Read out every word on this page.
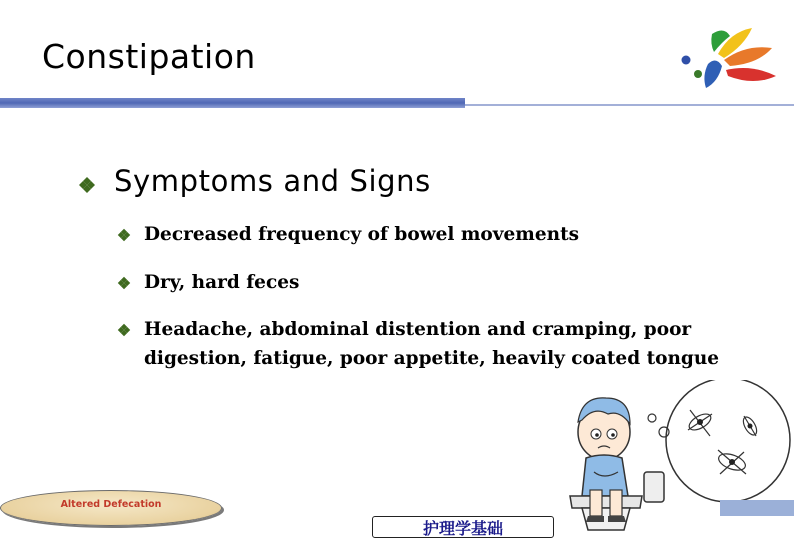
Constipation
Symptoms and Signs
Decreased frequency of bowel movements
Dry, hard feces
Headache, abdominal distention and cramping, poor
digestion, fatigue, poor appetite, heavily coated tongue
Altered Defecation
护理学基础
